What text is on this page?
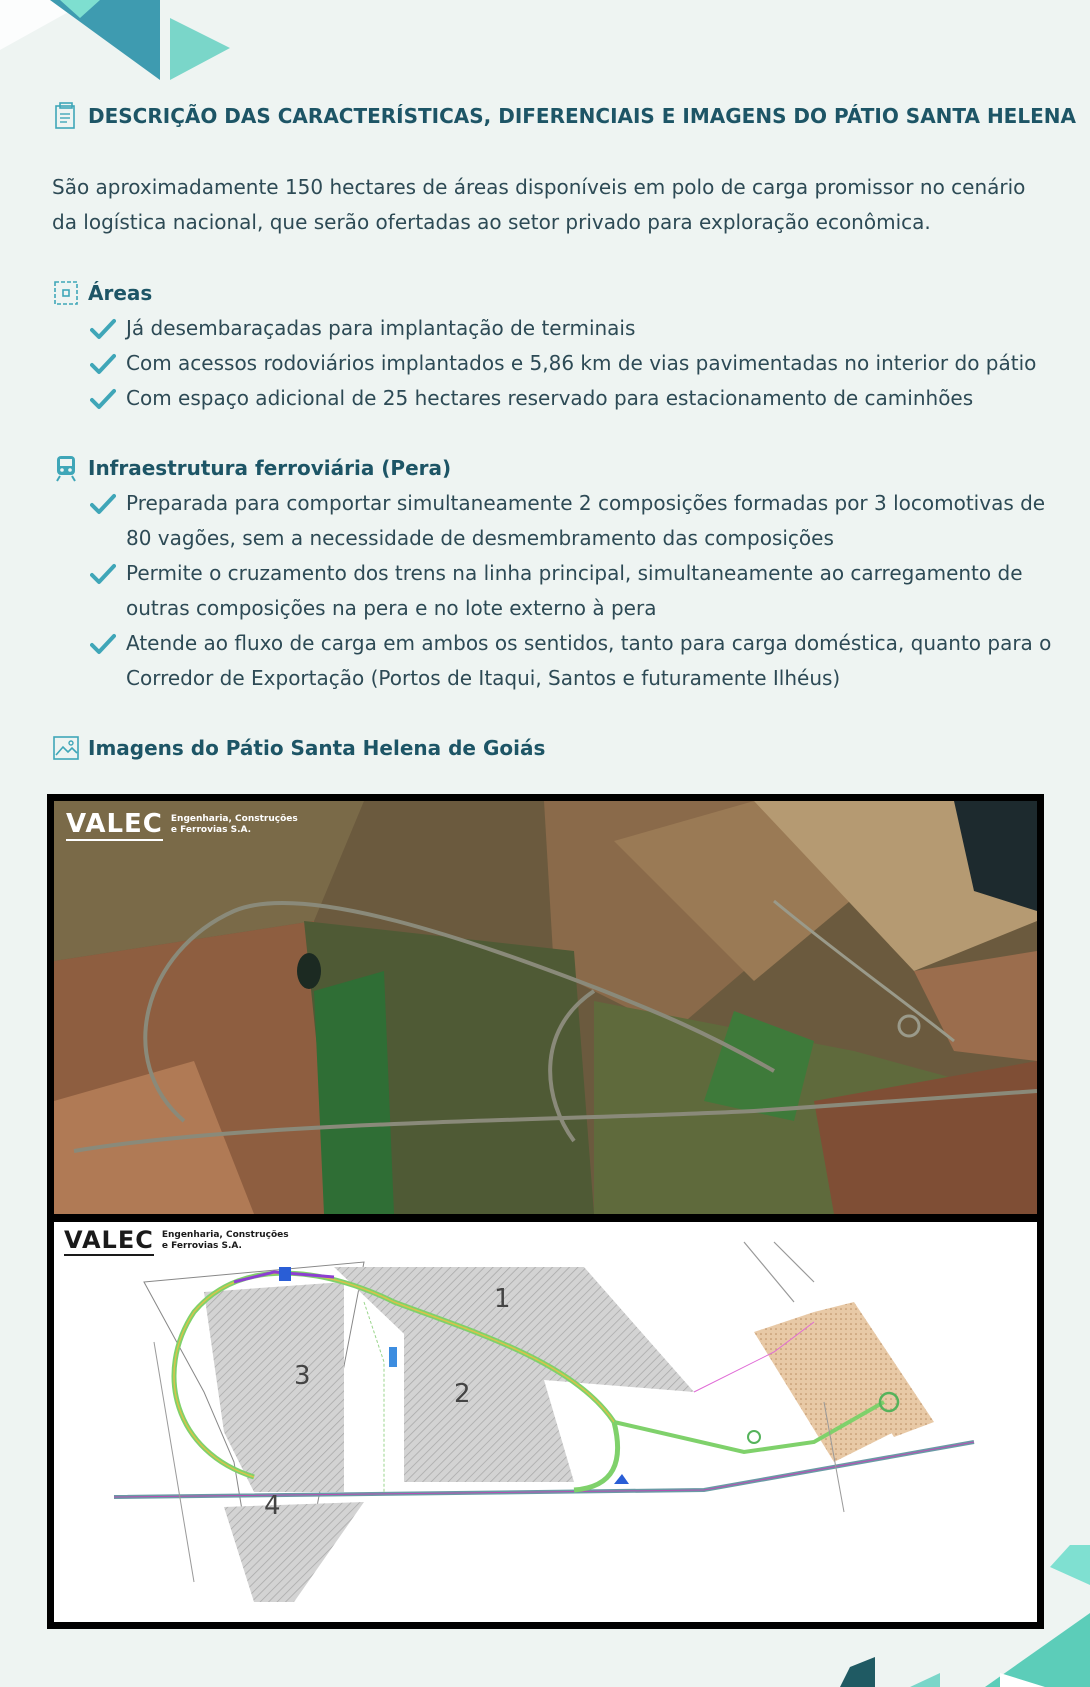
DESCRIÇÃO DAS CARACTERÍSTICAS, DIFERENCIAIS E IMAGENS DO PÁTIO SANTA HELENA
São aproximadamente 150 hectares de áreas disponíveis em polo de carga promissor no cenário da logística nacional, que serão ofertadas ao setor privado para exploração econômica.
Áreas
Já desembaraçadas para implantação de terminais
Com acessos rodoviários implantados e 5,86 km de vias pavimentadas no interior do pátio
Com espaço adicional de 25 hectares reservado para estacionamento de caminhões
Infraestrutura ferroviária (Pera)
Preparada para comportar simultaneamente 2 composições formadas por 3 locomotivas de 80 vagões, sem a necessidade de desmembramento das composições
Permite o cruzamento dos trens na linha principal, simultaneamente ao carregamento de outras composições na pera e no lote externo à pera
Atende ao fluxo de carga em ambos os sentidos, tanto para carga doméstica, quanto para o Corredor de Exportação (Portos de Itaqui, Santos e futuramente Ilhéus)
Imagens do Pátio Santa Helena de Goiás
VALEC Engenharia, Construções
e Ferrovias S.A.
1
2
3
4
VALEC Engenharia, Construções
e Ferrovias S.A.
